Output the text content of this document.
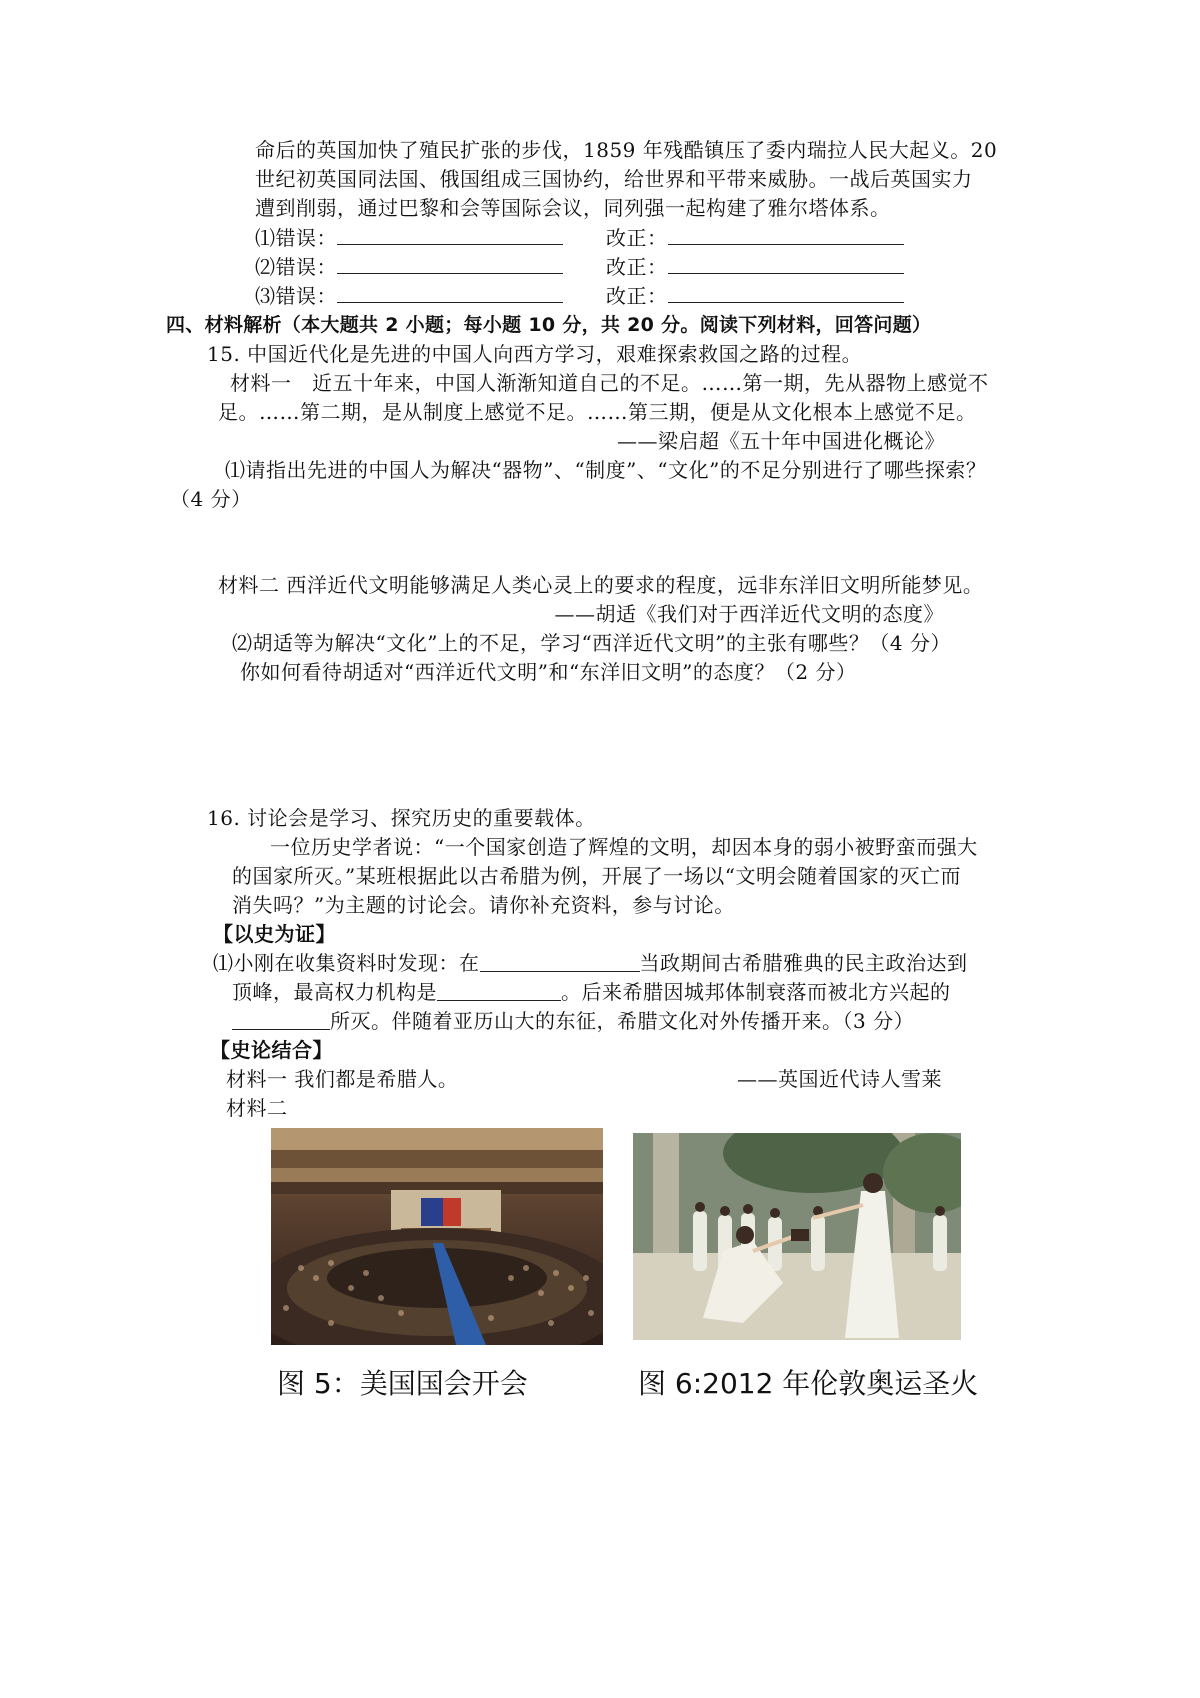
命后的英国加快了殖民扩张的步伐，1859 年残酷镇压了委内瑞拉人民大起义。20
世纪初英国同法国、俄国组成三国协约，给世界和平带来威胁。一战后英国实力
遭到削弱，通过巴黎和会等国际会议，同列强一起构建了雅尔塔体系。
⑴错误：	改正：
⑵错误：	改正：
⑶错误：	改正：
四、材料解析（本大题共 2 小题；每小题 10 分，共 20 分。阅读下列材料，回答问题）
15. 中国近代化是先进的中国人向西方学习，艰难探索救国之路的过程。
材料一　近五十年来，中国人渐渐知道自己的不足。……第一期，先从器物上感觉不
足。……第二期，是从制度上感觉不足。……第三期，便是从文化根本上感觉不足。
——梁启超《五十年中国进化概论》
⑴请指出先进的中国人为解决“器物”、“制度”、“文化”的不足分别进行了哪些探索？
（4 分）
材料二 西洋近代文明能够满足人类心灵上的要求的程度，远非东洋旧文明所能梦见。
——胡适《我们对于西洋近代文明的态度》
⑵胡适等为解决“文化”上的不足，学习“西洋近代文明”的主张有哪些？（4 分）
你如何看待胡适对“西洋近代文明”和“东洋旧文明”的态度？（2 分）
16. 讨论会是学习、探究历史的重要载体。
一位历史学者说：“一个国家创造了辉煌的文明，却因本身的弱小被野蛮而强大
的国家所灭。”某班根据此以古希腊为例，开展了一场以“文明会随着国家的灭亡而
消失吗？”为主题的讨论会。请你补充资料，参与讨论。
【以史为证】
⑴小刚在收集资料时发现：在	当政期间古希腊雅典的民主政治达到
顶峰，最高权力机构是	。后来希腊因城邦体制衰落而被北方兴起的
所灭。伴随着亚历山大的东征，希腊文化对外传播开来。（3 分）
【史论结合】
材料一 我们都是希腊人。	——英国近代诗人雪莱
材料二
图 5：美国国会开会	图 6:2012 年伦敦奥运圣火
